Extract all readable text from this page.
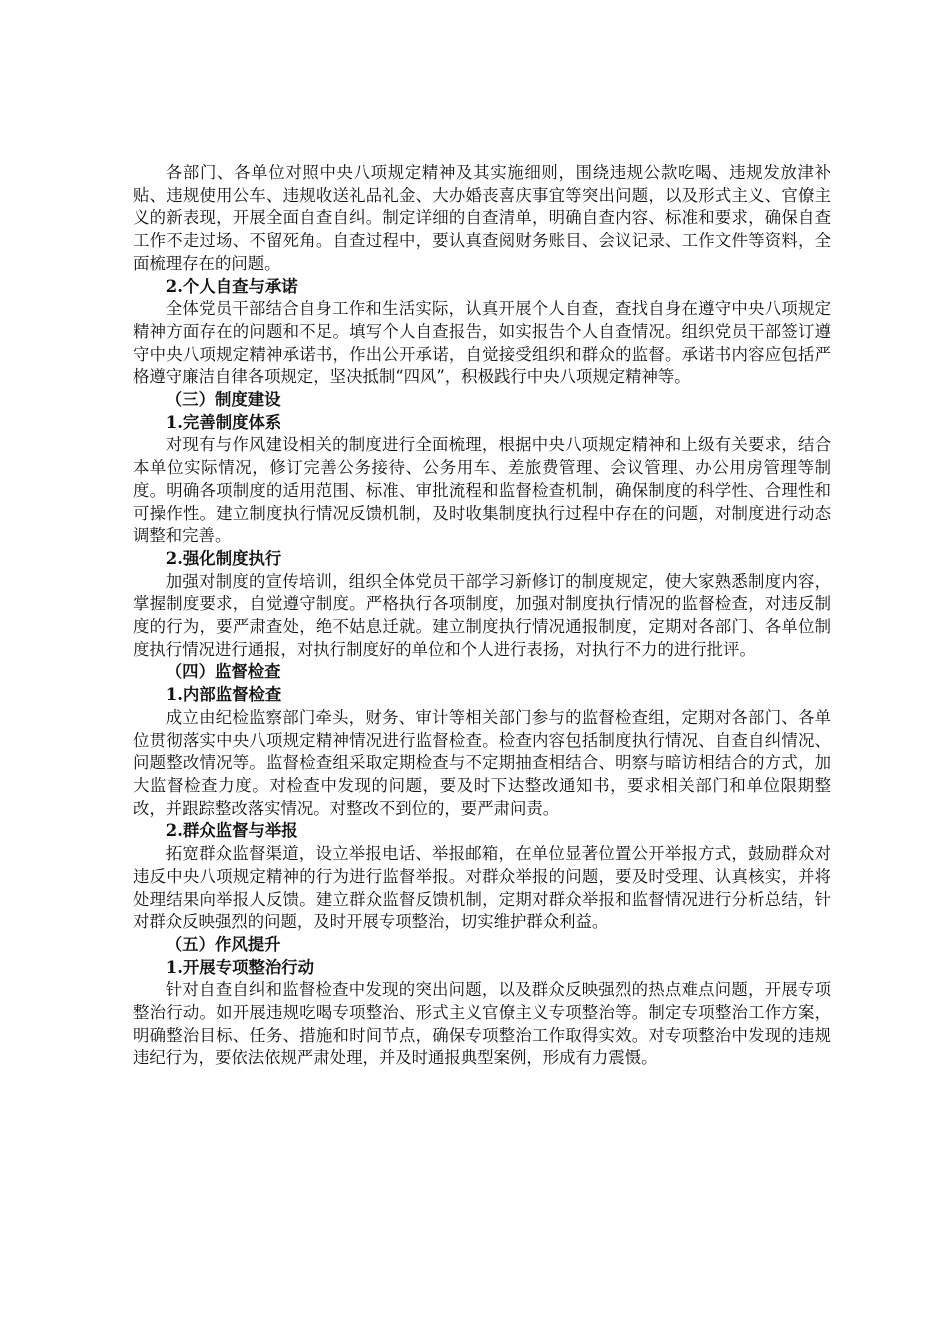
各部门、各单位对照中央八项规定精神及其实施细则，围绕违规公款吃喝、违规发放津补贴、违规使用公车、违规收送礼品礼金、大办婚丧喜庆事宜等突出问题，以及形式主义、官僚主义的新表现，开展全面自查自纠。制定详细的自查清单，明确自查内容、标准和要求，确保自查工作不走过场、不留死角。自查过程中，要认真查阅财务账目、会议记录、工作文件等资料，全面梳理存在的问题。

2.个人自查与承诺

全体党员干部结合自身工作和生活实际，认真开展个人自查，查找自身在遵守中央八项规定精神方面存在的问题和不足。填写个人自查报告，如实报告个人自查情况。组织党员干部签订遵守中央八项规定精神承诺书，作出公开承诺，自觉接受组织和群众的监督。承诺书内容应包括严格遵守廉洁自律各项规定，坚决抵制“四风”，积极践行中央八项规定精神等。

（三）制度建设

1.完善制度体系

对现有与作风建设相关的制度进行全面梳理，根据中央八项规定精神和上级有关要求，结合本单位实际情况，修订完善公务接待、公务用车、差旅费管理、会议管理、办公用房管理等制度。明确各项制度的适用范围、标准、审批流程和监督检查机制，确保制度的科学性、合理性和可操作性。建立制度执行情况反馈机制，及时收集制度执行过程中存在的问题，对制度进行动态调整和完善。

2.强化制度执行

加强对制度的宣传培训，组织全体党员干部学习新修订的制度规定，使大家熟悉制度内容，掌握制度要求，自觉遵守制度。严格执行各项制度，加强对制度执行情况的监督检查，对违反制度的行为，要严肃查处，绝不姑息迁就。建立制度执行情况通报制度，定期对各部门、各单位制度执行情况进行通报，对执行制度好的单位和个人进行表扬，对执行不力的进行批评。

（四）监督检查

1.内部监督检查

成立由纪检监察部门牵头，财务、审计等相关部门参与的监督检查组，定期对各部门、各单位贯彻落实中央八项规定精神情况进行监督检查。检查内容包括制度执行情况、自查自纠情况、问题整改情况等。监督检查组采取定期检查与不定期抽查相结合、明察与暗访相结合的方式，加大监督检查力度。对检查中发现的问题，要及时下达整改通知书，要求相关部门和单位限期整改，并跟踪整改落实情况。对整改不到位的，要严肃问责。

2.群众监督与举报

拓宽群众监督渠道，设立举报电话、举报邮箱，在单位显著位置公开举报方式，鼓励群众对违反中央八项规定精神的行为进行监督举报。对群众举报的问题，要及时受理、认真核实，并将处理结果向举报人反馈。建立群众监督反馈机制，定期对群众举报和监督情况进行分析总结，针对群众反映强烈的问题，及时开展专项整治，切实维护群众利益。

（五）作风提升

1.开展专项整治行动

针对自查自纠和监督检查中发现的突出问题，以及群众反映强烈的热点难点问题，开展专项整治行动。如开展违规吃喝专项整治、形式主义官僚主义专项整治等。制定专项整治工作方案，明确整治目标、任务、措施和时间节点，确保专项整治工作取得实效。对专项整治中发现的违规违纪行为，要依法依规严肃处理，并及时通报典型案例，形成有力震慑。
